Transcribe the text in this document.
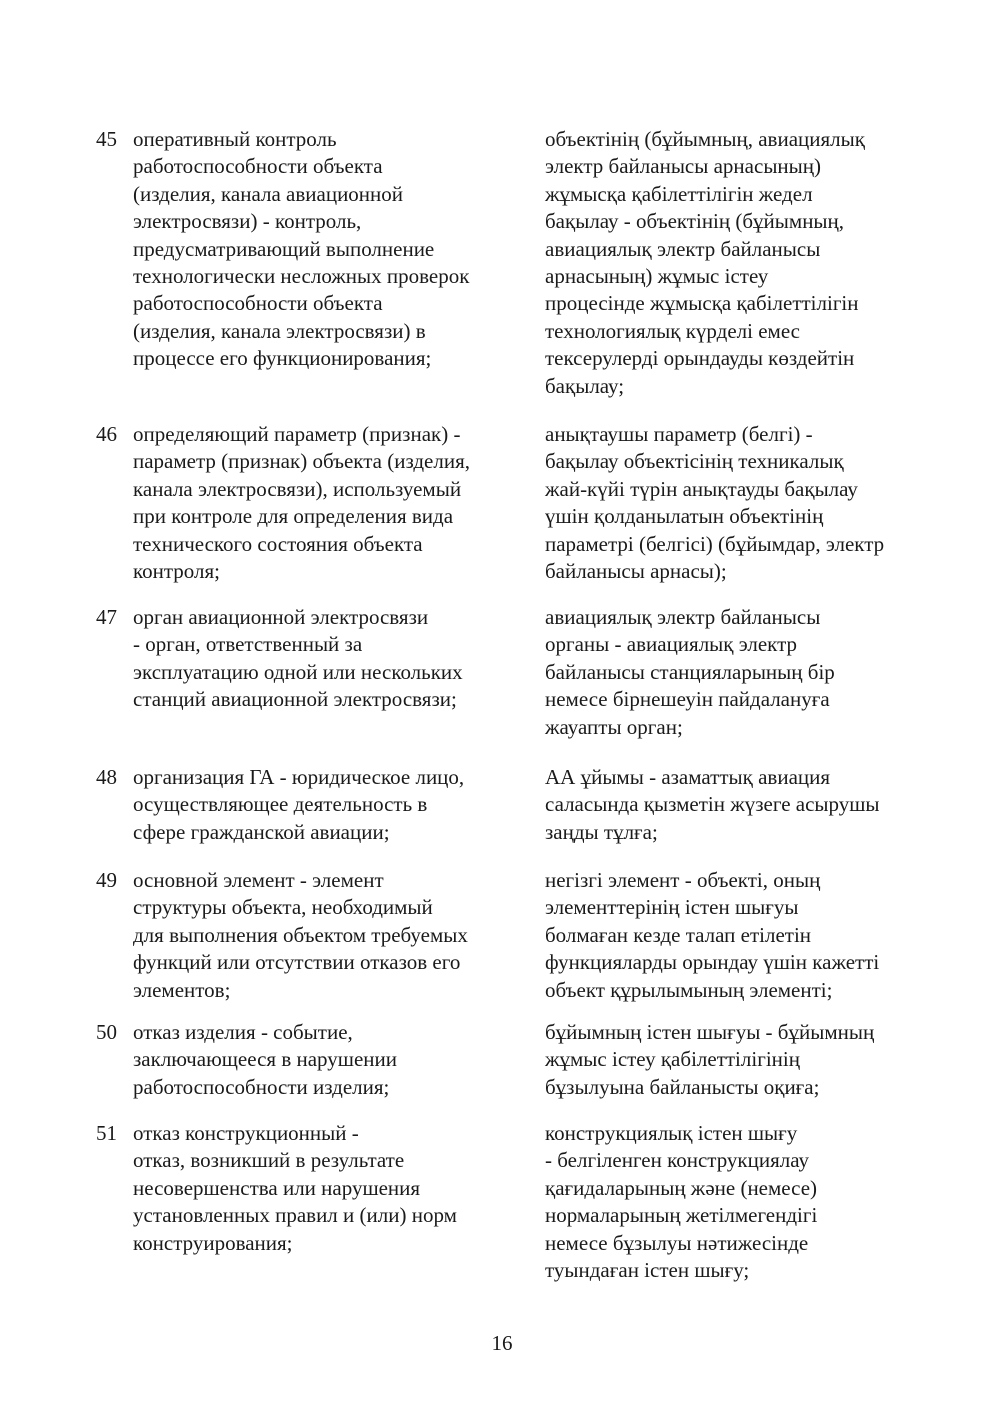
45 оперативный контроль
работоспособности объекта
(изделия, канала авиационной
электросвязи) - контроль,
предусматривающий выполнение
технологически несложных проверок
работоспособности объекта
(изделия, канала электросвязи) в
процессе его функционирования;
объектінің (бұйымның, авиациялық
электр байланысы арнасының)
жұмысқа қабілеттілігін жедел
бақылау - объектінің (бұйымның,
авиациялық электр байланысы
арнасының) жұмыс істеу
процесінде жұмысқа қабілеттілігін
технологиялық күрделі емес
тексерулерді орындауды көздейтін
бақылау;
46 определяющий параметр (признак) -
параметр (признак) объекта (изделия,
канала электросвязи), используемый
при контроле для определения вида
технического состояния объекта
контроля;
анықтаушы параметр (белгі) -
бақылау объектісінің техникалық
жай-күйі түрін анықтауды бақылау
үшін қолданылатын объектінің
параметрі (белгісі) (бұйымдар, электр
байланысы арнасы);
47 орган авиационной электросвязи
- орган, ответственный за
эксплуатацию одной или нескольких
станций авиационной электросвязи;
авиациялық электр байланысы
органы - авиациялық электр
байланысы станцияларының бір
немесе бірнешеуін пайдалануға
жауапты орган;
48 организация ГА - юридическое лицо,
осуществляющее деятельность в
сфере гражданской авиации;
АА ұйымы - азаматтық авиация
саласында қызметін жүзеге асырушы
заңды тұлға;
49 основной элемент - элемент
структуры объекта, необходимый
для выполнения объектом требуемых
функций или отсутствии отказов его
элементов;
негізгі элемент - объекті, оның
элементтерінің істен шығуы
болмаған кезде талап етілетін
функцияларды орындау үшін кажетті
объект құрылымының элементі;
50 отказ изделия - событие,
заключающееся в нарушении
работоспособности изделия;
бұйымның істен шығуы - бұйымның
жұмыс істеу қабілеттілігінің
бұзылуына байланысты оқиға;
51 отказ конструкционный -
отказ, возникший в результате
несовершенства или нарушения
установленных правил и (или) норм
конструирования;
конструкциялық істен шығу
- белгіленген конструкциялау
қағидаларының және (немесе)
нормаларының жетілмегендігі
немесе бұзылуы нәтижесінде
туындаған істен шығу;
16
